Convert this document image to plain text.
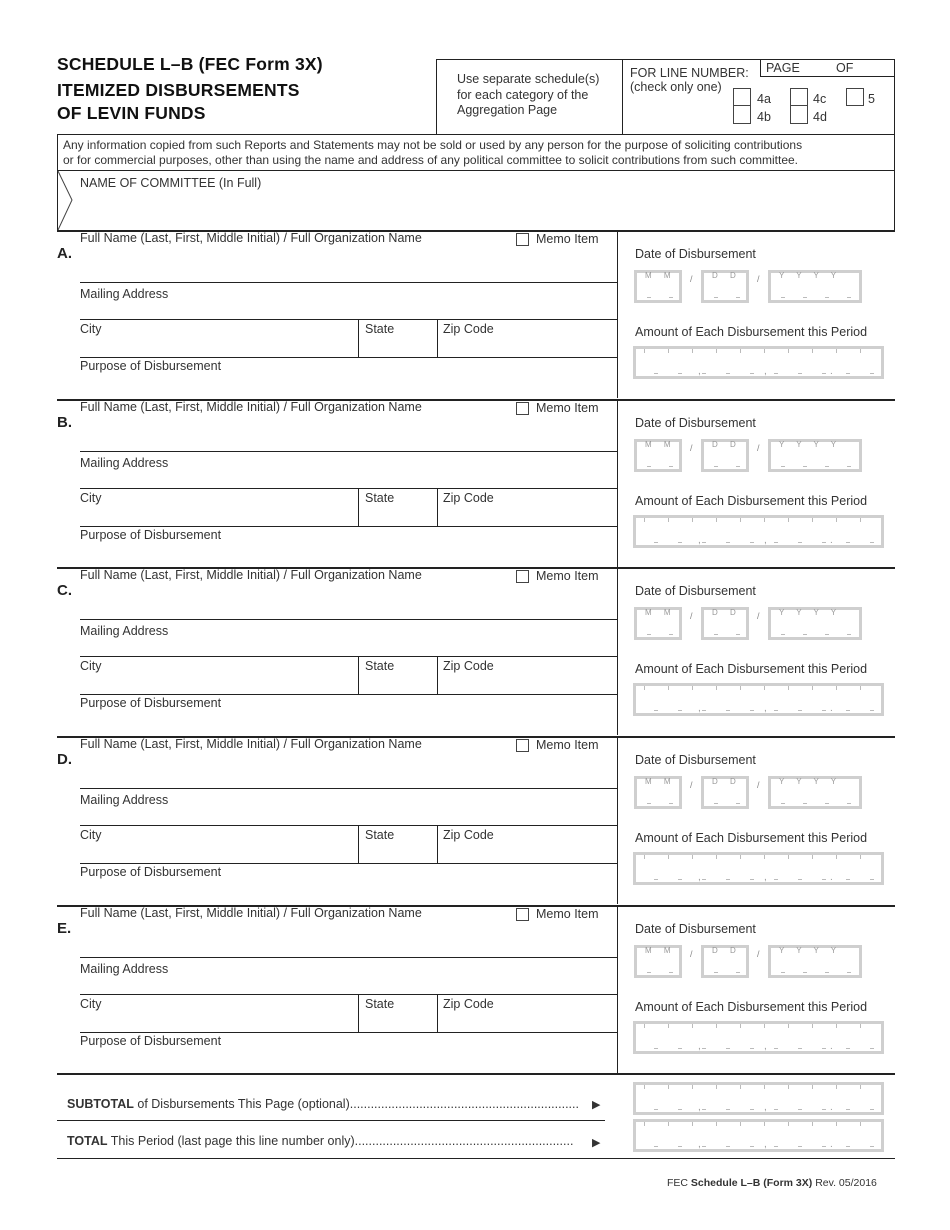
SCHEDULE L–B (FEC Form 3X)
ITEMIZED DISBURSEMENTS
OF LEVIN FUNDS
Use separate schedule(s)
for each category of the
Aggregation Page
FOR LINE NUMBER:
(check only one)
PAGE	OF
4a
4b
4c
4d
5
Any information copied from such Reports and Statements may not be sold or used by any person for the purpose of soliciting contributions
or for commercial purposes, other than using the name and address of any political committee to solicit contributions from such committee.
NAME OF COMMITTEE (In Full)
A.
Full Name (Last, First, Middle Initial) / Full Organization Name	Memo Item
Mailing Address
City	State	Zip Code
Purpose of Disbursement
Date of Disbursement
M M	D D	Y Y Y Y
/	/
Amount of Each Disbursement this Period
,	,	.
B.
Full Name (Last, First, Middle Initial) / Full Organization Name	Memo Item
Mailing Address
City	State	Zip Code
Purpose of Disbursement
Date of Disbursement
M M	D D	Y Y Y Y
/	/
Amount of Each Disbursement this Period
,	,	.
C.
Full Name (Last, First, Middle Initial) / Full Organization Name	Memo Item
Mailing Address
City	State	Zip Code
Purpose of Disbursement
Date of Disbursement
M M	D D	Y Y Y Y
/	/
Amount of Each Disbursement this Period
,	,	.
D.
Full Name (Last, First, Middle Initial) / Full Organization Name	Memo Item
Mailing Address
City	State	Zip Code
Purpose of Disbursement
Date of Disbursement
M M	D D	Y Y Y Y
/	/
Amount of Each Disbursement this Period
,	,	.
E.
Full Name (Last, First, Middle Initial) / Full Organization Name	Memo Item
Mailing Address
City	State	Zip Code
Purpose of Disbursement
Date of Disbursement
M M	D D	Y Y Y Y
/	/
Amount of Each Disbursement this Period
,	,	.
SUBTOTAL of Disbursements This Page (optional).................................................................. ▶
TOTAL This Period (last page this line number only)............................................................... ▶
,	,	.
,	,	.
FEC Schedule L–B (Form 3X) Rev. 05/2016
